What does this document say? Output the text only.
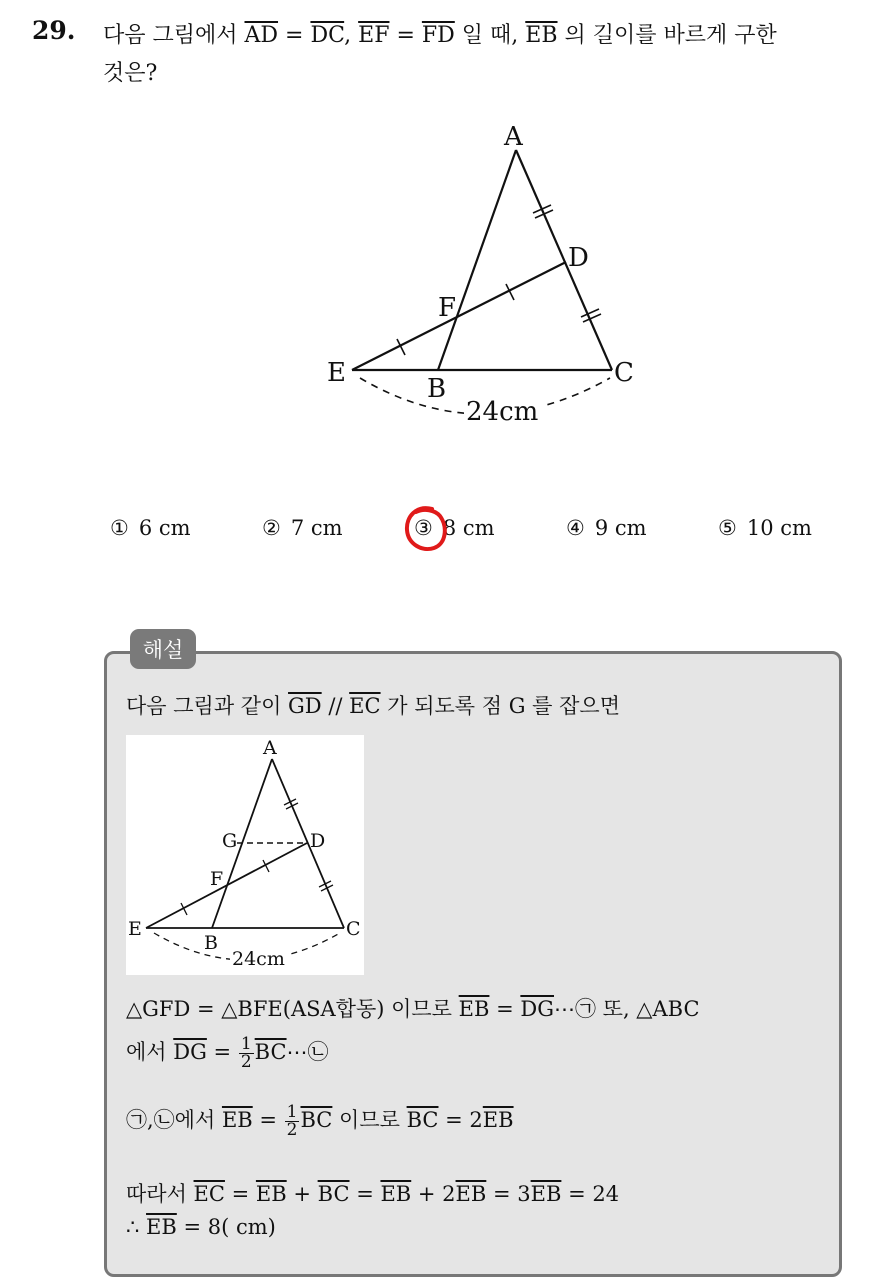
29. 다음 그림에서 $\overline{AD} = \overline{DC}$, $\overline{EF} = \overline{FD}$ 일 때, $\overline{EB}$ 의 길이를 바르게 구한
것은?
A
D
F
E
B
C
24cm
① 6 cm	② 7 cm	③ 8 cm	④ 9 cm	⑤ 10 cm
해설
다음 그림과 같이 $\overline{GD} // \overline{EC}$ 가 되도록 점 G 를 잡으면
A
G	D
F
E
B
C
24cm
△GFD = △BFE(ASA합동) 이므로 $\overline{EB}$ = $\overline{DG}\cdots㉠$ 또, △ABC
에서 $\overline{DG} = \frac{1}{2}$ $\overline{BC}\cdots㉡$
㉠,㉡에서 $\overline{EB} = \frac{1}{2} \overline{BC}$ 이므로 $\overline{BC} = 2\overline{EB}$
따라서 $\overline{EC} = \overline{EB} + \overline{BC} = \overline{EB} + 2\overline{EB} = 3\overline{EB} = 24$
∴ $\overline{EB} = 8$( cm)
